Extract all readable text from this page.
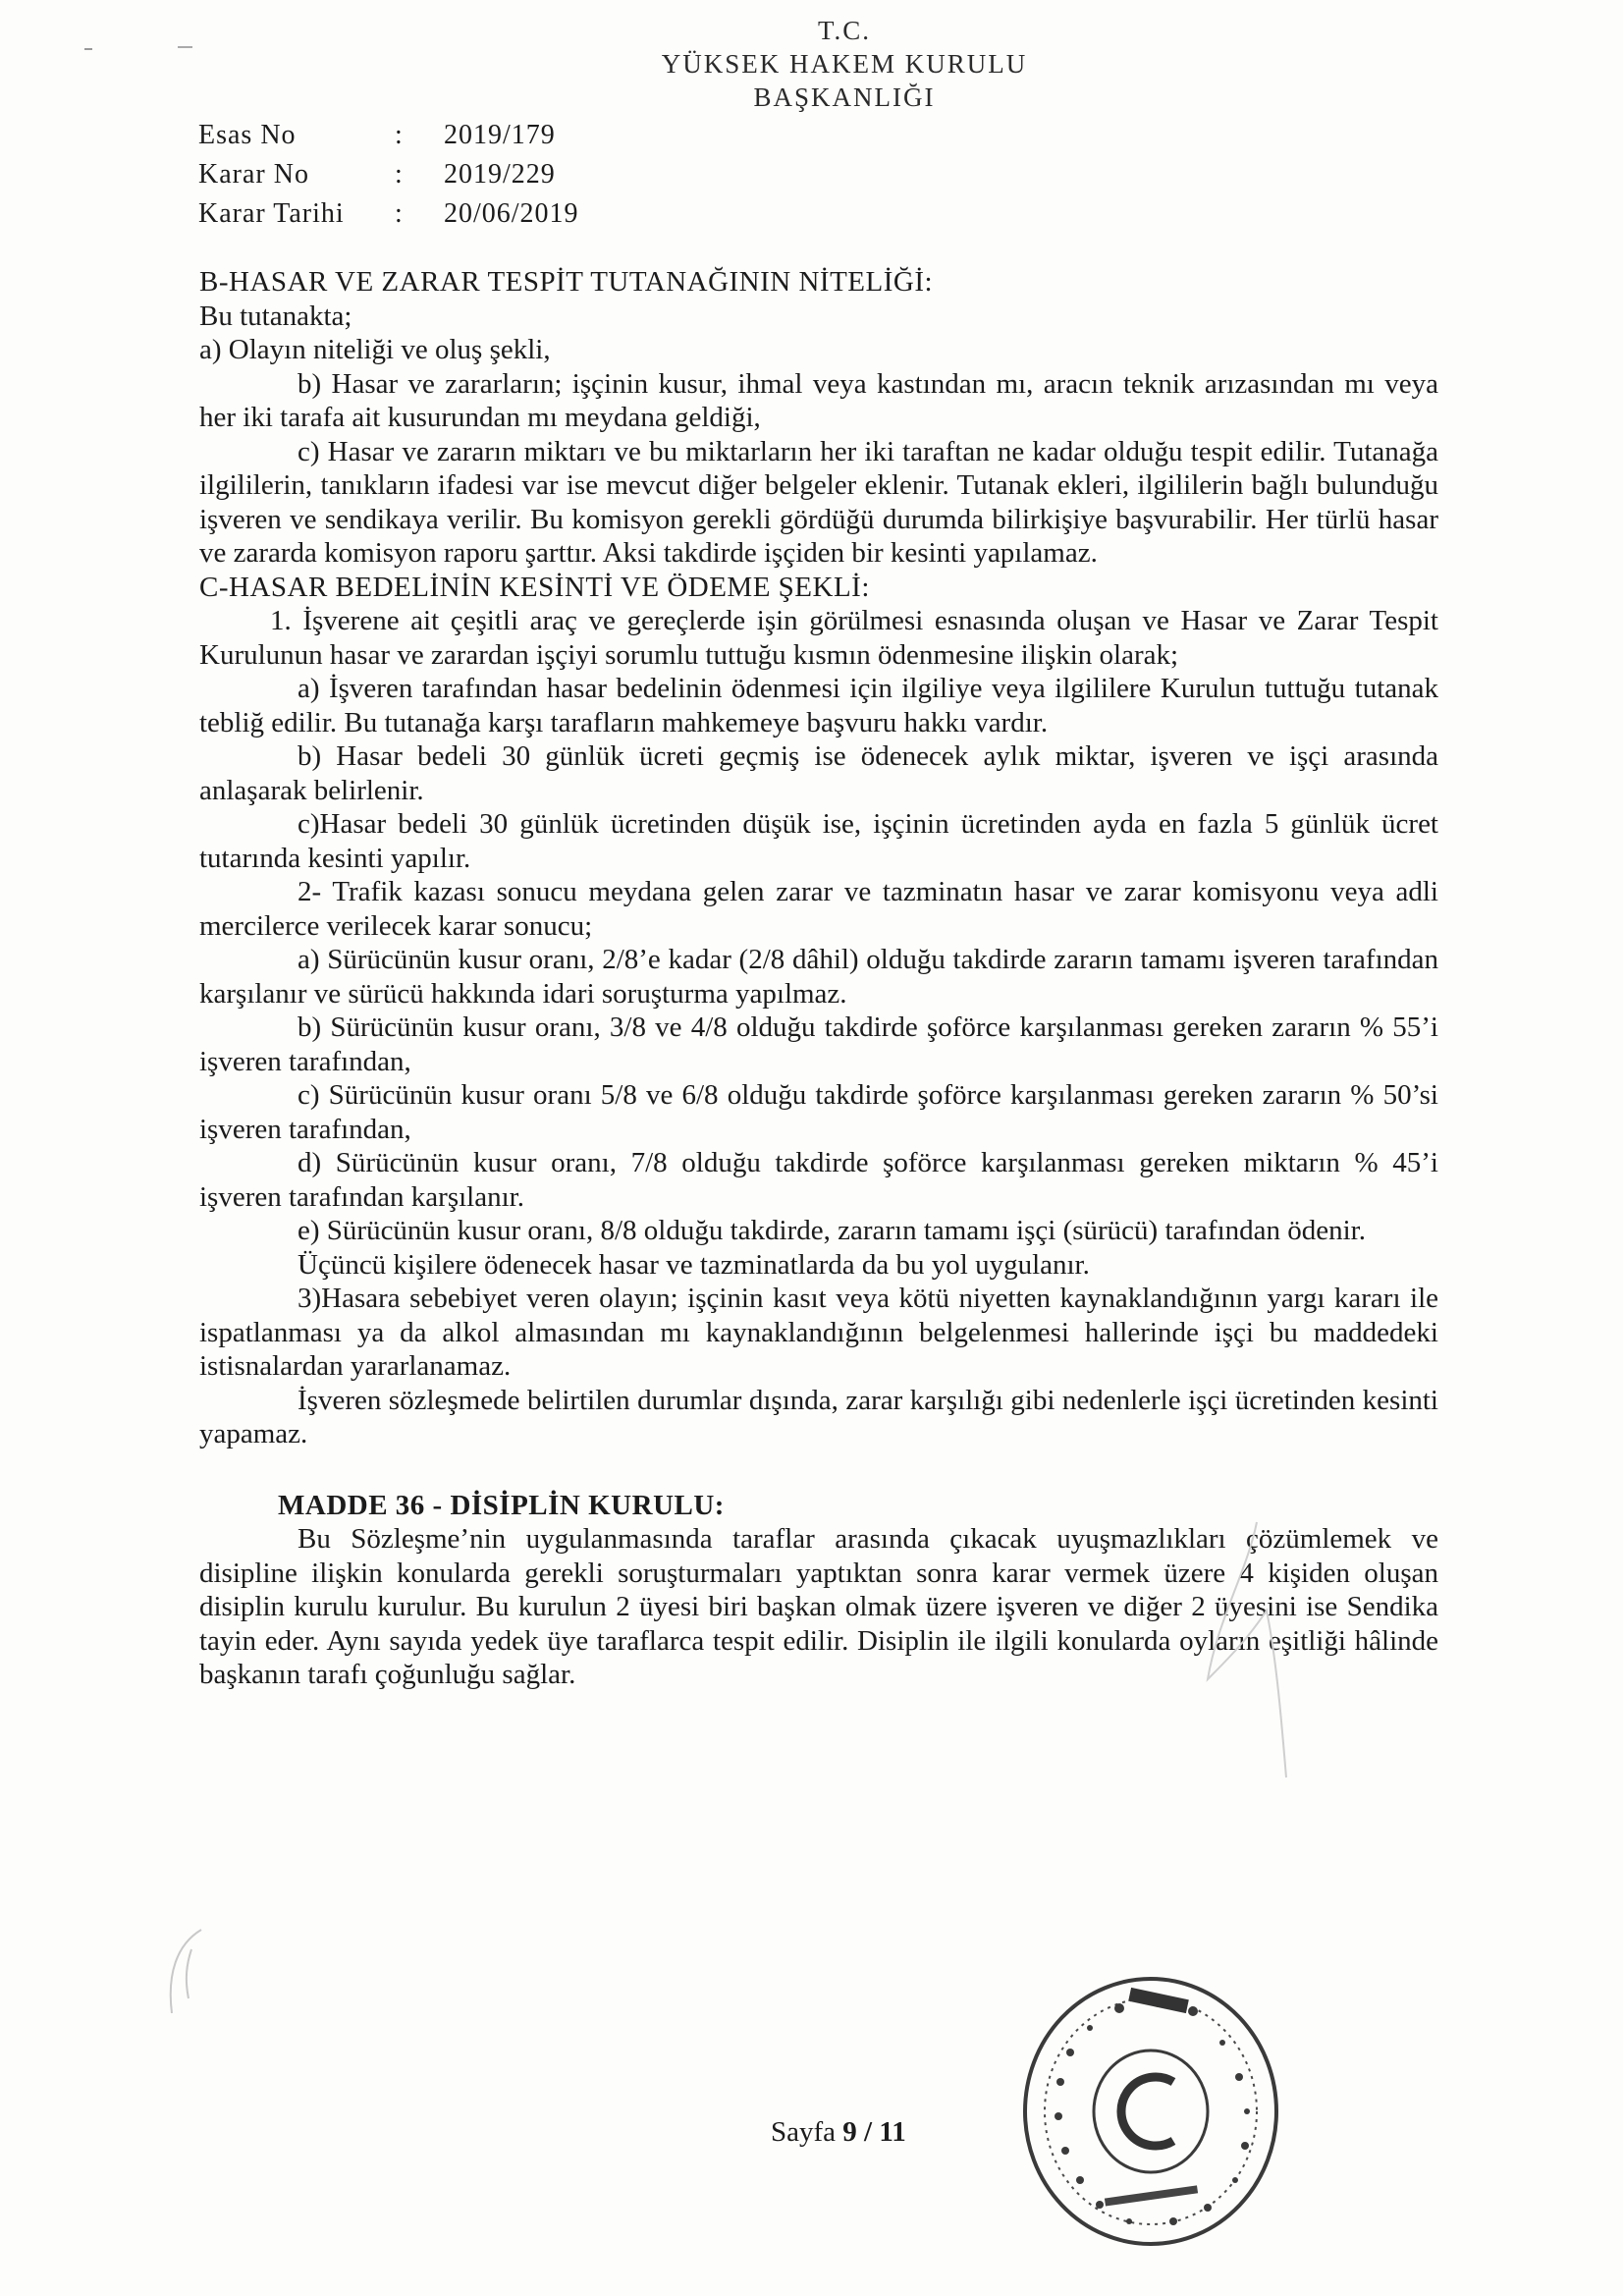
T.C.
YÜKSEK HAKEM KURULU
BAŞKANLIĞI
Esas No	:	2019/179
Karar No	:	2019/229
Karar Tarihi	:	20/06/2019

B-HASAR VE ZARAR TESPİT TUTANAĞININ NİTELİĞİ:

Bu tutanakta;

a) Olayın niteliği ve oluş şekli,

b) Hasar ve zararların; işçinin kusur, ihmal veya kastından mı, aracın teknik arızasından mı veya her iki tarafa ait kusurundan mı meydana geldiği,

c) Hasar ve zararın miktarı ve bu miktarların her iki taraftan ne kadar olduğu tespit edilir. Tutanağa ilgililerin, tanıkların ifadesi var ise mevcut diğer belgeler eklenir. Tutanak ekleri, ilgililerin bağlı bulunduğu işveren ve sendikaya verilir. Bu komisyon gerekli gördüğü durumda bilirkişiye başvurabilir. Her türlü hasar ve zararda komisyon raporu şarttır. Aksi takdirde işçiden bir kesinti yapılamaz.

C-HASAR BEDELİNİN KESİNTİ VE ÖDEME ŞEKLİ:

1. İşverene ait çeşitli araç ve gereçlerde işin görülmesi esnasında oluşan ve Hasar ve Zarar Tespit Kurulunun hasar ve zarardan işçiyi sorumlu tuttuğu kısmın ödenmesine ilişkin olarak;

a) İşveren tarafından hasar bedelinin ödenmesi için ilgiliye veya ilgililere Kurulun tuttuğu tutanak tebliğ edilir. Bu tutanağa karşı tarafların mahkemeye başvuru hakkı vardır.

b) Hasar bedeli 30 günlük ücreti geçmiş ise ödenecek aylık miktar, işveren ve işçi arasında anlaşarak belirlenir.

c)Hasar bedeli 30 günlük ücretinden düşük ise, işçinin ücretinden ayda en fazla 5 günlük ücret tutarında kesinti yapılır.

2- Trafik kazası sonucu meydana gelen zarar ve tazminatın hasar ve zarar komisyonu veya adli mercilerce verilecek karar sonucu;

a) Sürücünün kusur oranı, 2/8’e kadar (2/8 dâhil) olduğu takdirde zararın tamamı işveren tarafından karşılanır ve sürücü hakkında idari soruşturma yapılmaz.

b) Sürücünün kusur oranı, 3/8 ve 4/8 olduğu takdirde şoförce karşılanması gereken zararın % 55’i işveren tarafından,

c) Sürücünün kusur oranı 5/8 ve 6/8 olduğu takdirde şoförce karşılanması gereken zararın % 50’si işveren tarafından,

d) Sürücünün kusur oranı, 7/8 olduğu takdirde şoförce karşılanması gereken miktarın % 45’i işveren tarafından karşılanır.

e) Sürücünün kusur oranı, 8/8 olduğu takdirde, zararın tamamı işçi (sürücü) tarafından ödenir.

Üçüncü kişilere ödenecek hasar ve tazminatlarda da bu yol uygulanır.

3)Hasara sebebiyet veren olayın; işçinin kasıt veya kötü niyetten kaynaklandığının yargı kararı ile ispatlanması ya da alkol almasından mı kaynaklandığının belgelenmesi hallerinde işçi bu maddedeki istisnalardan yararlanamaz.

İşveren sözleşmede belirtilen durumlar dışında, zarar karşılığı gibi nedenlerle işçi ücretinden kesinti yapamaz.

MADDE 36 - DİSİPLİN KURULU:

Bu Sözleşme’nin uygulanmasında taraflar arasında çıkacak uyuşmazlıkları çözümlemek ve disipline ilişkin konularda gerekli soruşturmaları yaptıktan sonra karar vermek üzere 4 kişiden oluşan disiplin kurulu kurulur. Bu kurulun 2 üyesi biri başkan olmak üzere işveren ve diğer 2 üyesini ise Sendika tayin eder. Aynı sayıda yedek üye taraflarca tespit edilir. Disiplin ile ilgili konularda oyların eşitliği hâlinde başkanın tarafı çoğunluğu sağlar.

Sayfa 9 / 11
